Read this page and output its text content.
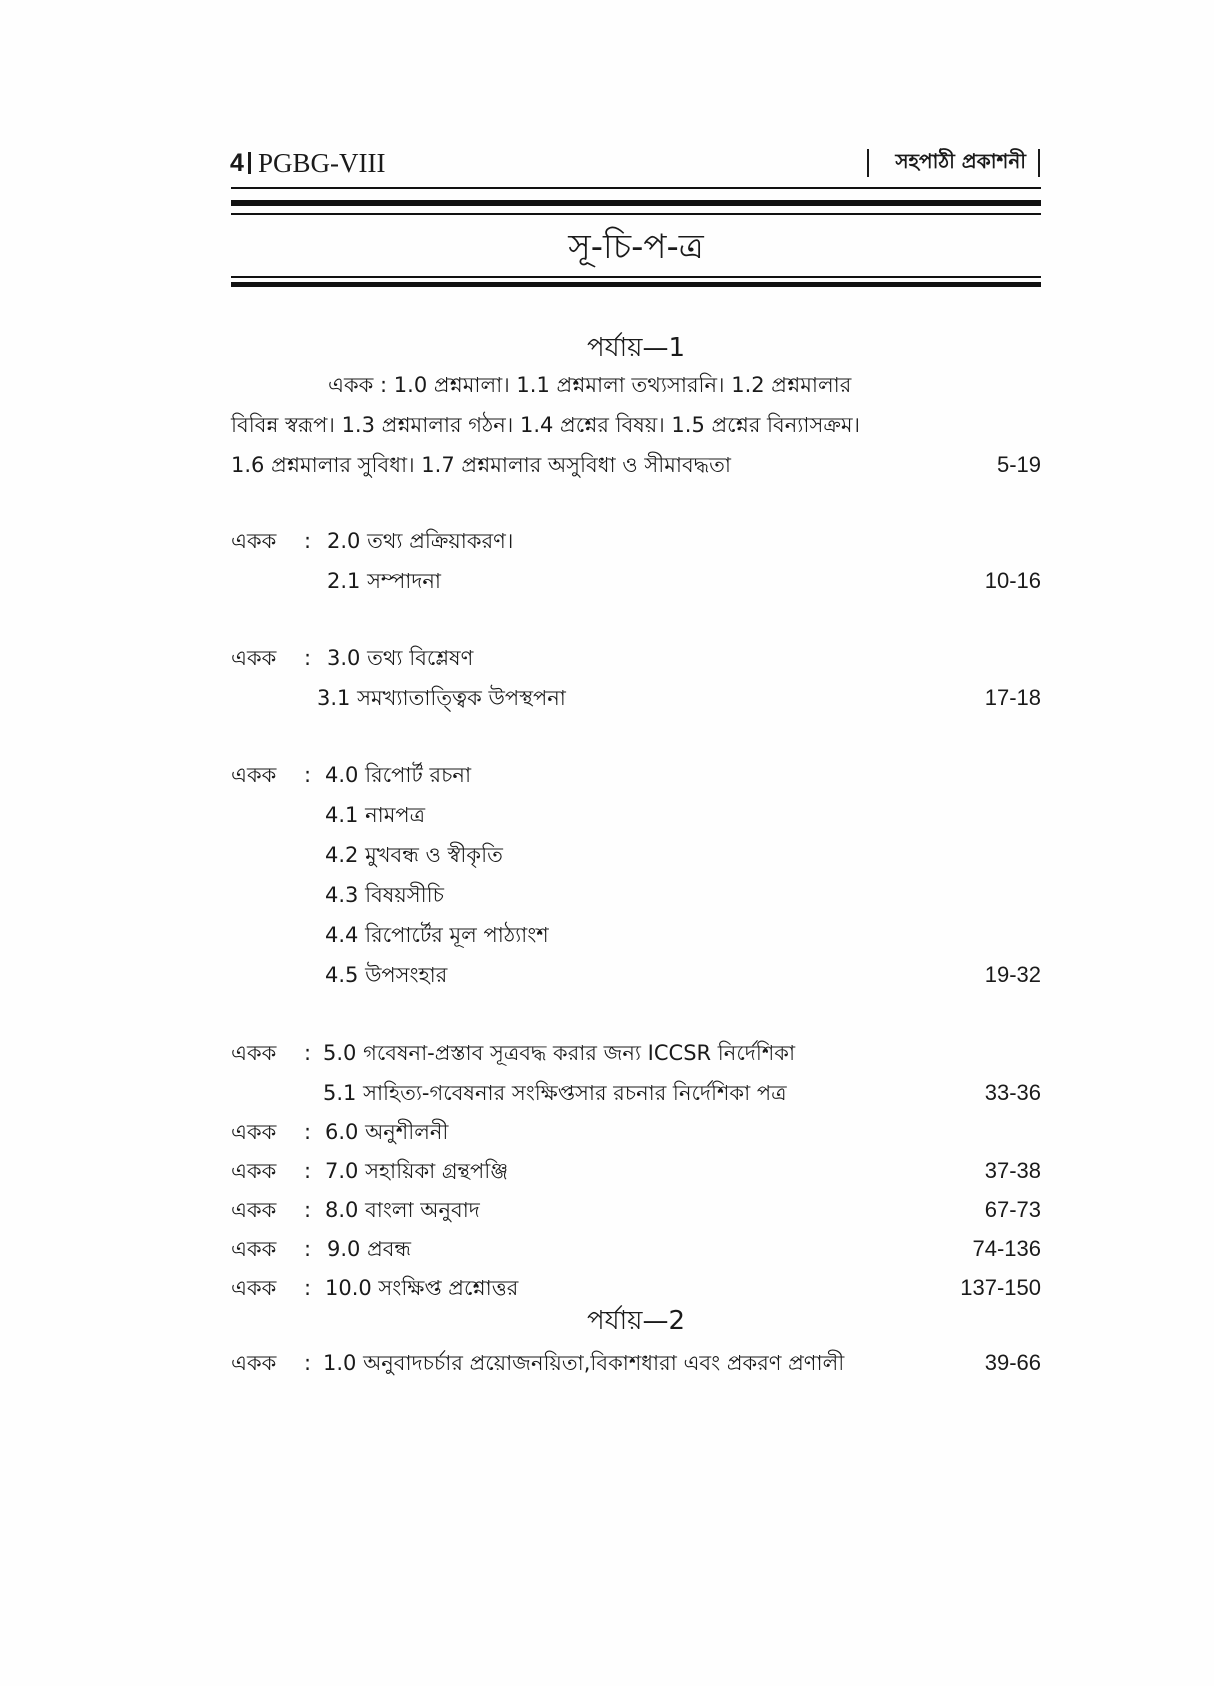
4 PGBG-VIII	সহপাঠী প্রকাশনী
সূ-চি-প-ত্র
পর্যায়—1
একক : 1.0 প্রশ্নমালা। 1.1 প্রশ্নমালা তথ্যসারনি। 1.2 প্রশ্নমালার
বিবিন্ন স্বরূপ। 1.3 প্রশ্নমালার গঠন। 1.4 প্রশ্নের বিষয়। 1.5 প্রশ্নের বিন্যাসক্রম।
1.6 প্রশ্নমালার সুবিধা। 1.7 প্রশ্নমালার অসুবিধা ও সীমাবদ্ধতা	5-19
একক : 2.0 তথ্য প্রক্রিয়াকরণ।
2.1 সম্পাদনা	10-16
একক : 3.0 তথ্য বিশ্লেষণ
3.1 সমখ্যাতাত্ত্বিক উপস্থপনা	17-18
একক : 4.0 রিপোর্ট রচনা
4.1 নামপত্র
4.2 মুখবন্ধ ও স্বীকৃতি
4.3 বিষয়সীচি
4.4 রিপোর্টের মূল পাঠ্যাংশ
4.5 উপসংহার	19-32
একক : 5.0 গবেষনা-প্রস্তাব সূত্রবদ্ধ করার জন্য ICCSR নির্দেশিকা
5.1 সাহিত্য-গবেষনার সংক্ষিপ্তসার রচনার নির্দেশিকা পত্র	33-36
একক : 6.0 অনুশীলনী
একক : 7.0 সহায়িকা গ্রন্থপঞ্জি	37-38
একক : 8.0 বাংলা অনুবাদ	67-73
একক : 9.0 প্রবন্ধ	74-136
একক : 10.0 সংক্ষিপ্ত প্রশ্নোত্তর	137-150
পর্যায়—2
একক : 1.0 অনুবাদচর্চার প্রয়োজনয়িতা,বিকাশধারা এবং প্রকরণ প্রণালী	39-66
